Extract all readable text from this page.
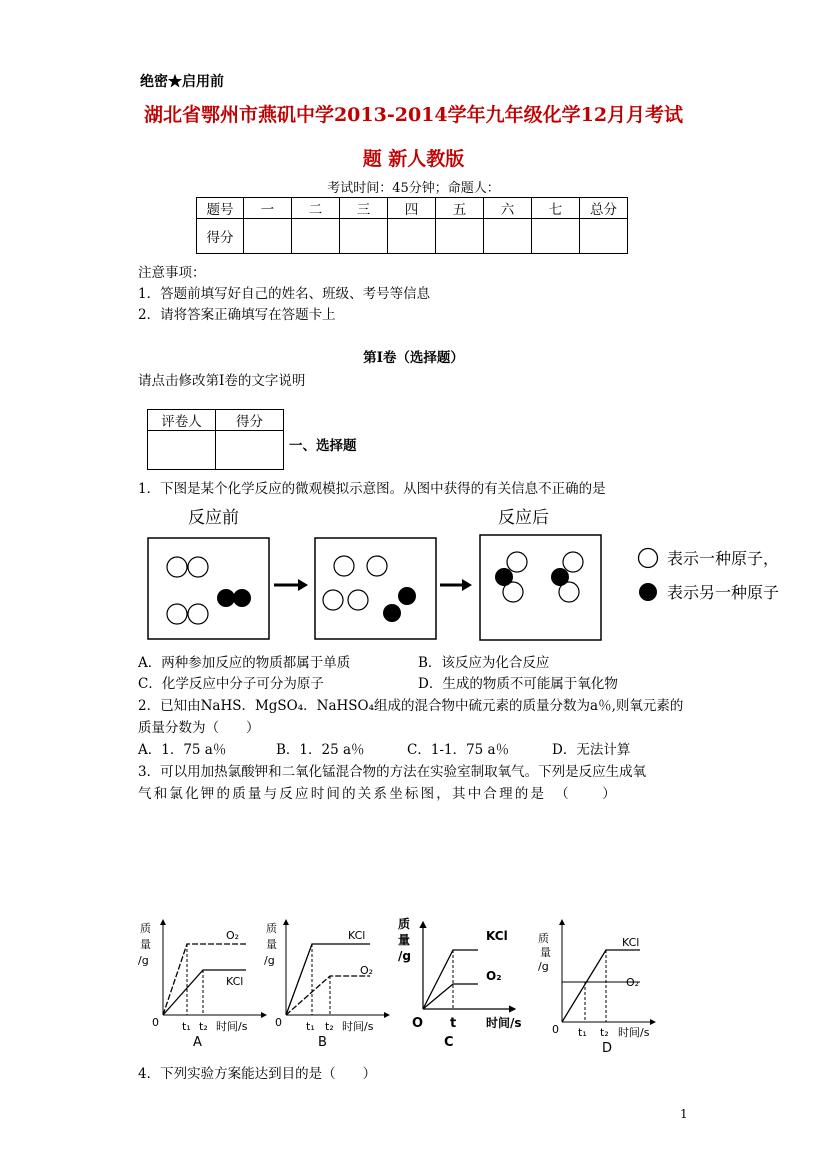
绝密★启用前
湖北省鄂州市燕矶中学2013-2014学年九年级化学12月月考试
题 新人教版
考试时间：45分钟；命题人：
题号	一	二	三	四	五	六	七	总分
得分								
注意事项：
1．答题前填写好自己的姓名、班级、考号等信息
2．请将答案正确填写在答题卡上
第I卷（选择题）
请点击修改第I卷的文字说明
评卷人	得分

一、选择题
1．下图是某个化学反应的微观模拟示意图。从图中获得的有关信息不正确的是
反应前	反应后
表示一种原子，
表示另一种原子
A．两种参加反应的物质都属于单质	B．该反应为化合反应
C．化学反应中分子可分为原子	D．生成的物质不可能属于氧化物
2．已知由NaHS．MgSO₄．NaHSO₄组成的混合物中硫元素的质量分数为a％,则氧元素的
质量分数为（　　）
A．1．75 a％	B．1．25 a％	C．1-1．75 a％	D．无法计算
3．可以用加热氯酸钾和二氧化锰混合物的方法在实验室制取氧气。下列是反应生成氧
气和氯化钾的质量与反应时间的关系坐标图，其中合理的是　（　　）
质
量
/g
O₂
KCl
0 t₁ t₂ 时间/s
A
质
量
/g
KCl
O₂
0 t₁ t₂ 时间/s
B
质
量
/g
KCl
O₂
O t 时间/s
C
质
量
/g
KCl
O₂
0 t₁ t₂ 时间/s
D
4．下列实验方案能达到目的是（　　）
1
